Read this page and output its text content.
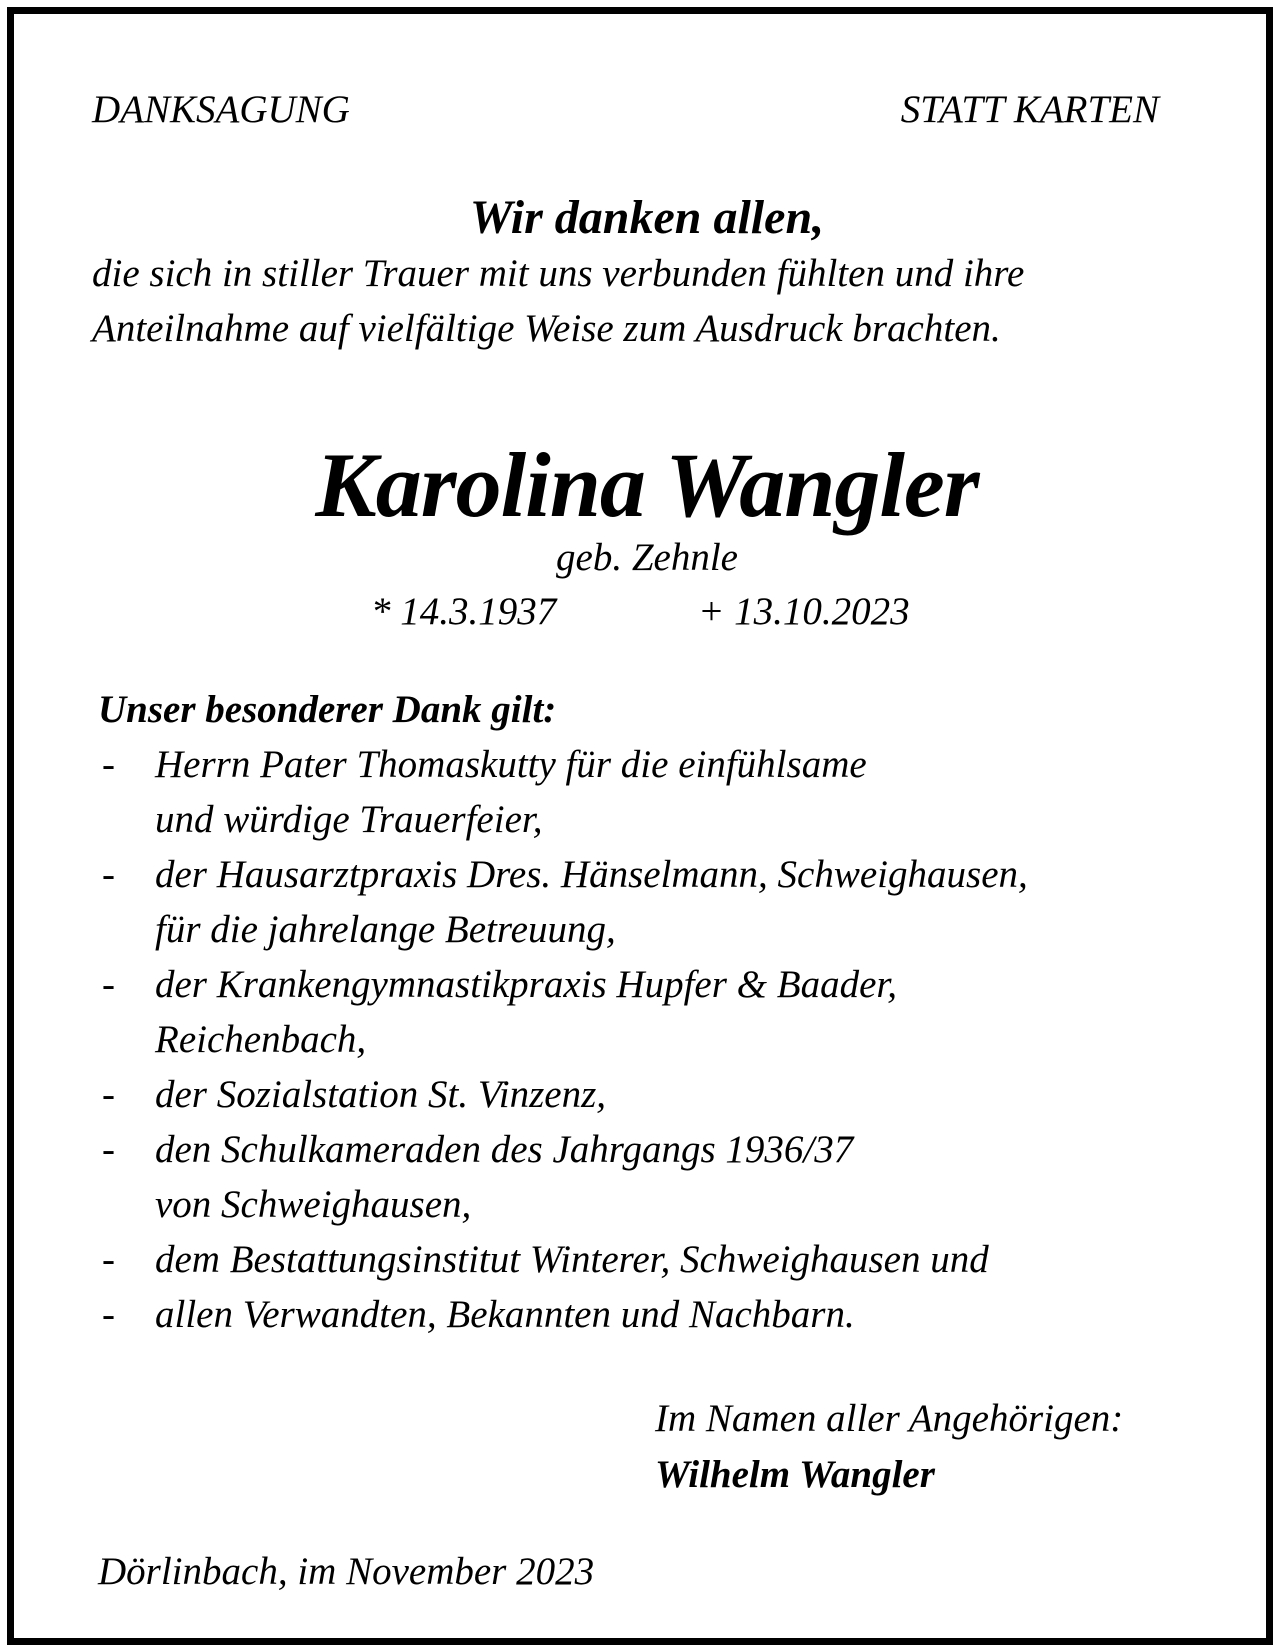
DANKSAGUNG	STATT KARTEN
Wir danken allen,
die sich in stiller Trauer mit uns verbunden fühlten und ihre
Anteilnahme auf vielfältige Weise zum Ausdruck brachten.
Karolina Wangler
geb. Zehnle
* 14.3.1937	+ 13.10.2023
Unser besonderer Dank gilt:
- Herrn Pater Thomaskutty für die einfühlsame
und würdige Trauerfeier,
- der Hausarztpraxis Dres. Hänselmann, Schweighausen,
für die jahrelange Betreuung,
- der Krankengymnastikpraxis Hupfer & Baader,
Reichenbach,
- der Sozialstation St. Vinzenz,
- den Schulkameraden des Jahrgangs 1936/37
von Schweighausen,
- dem Bestattungsinstitut Winterer, Schweighausen und
- allen Verwandten, Bekannten und Nachbarn.
Im Namen aller Angehörigen:
Wilhelm Wangler
Dörlinbach, im November 2023
